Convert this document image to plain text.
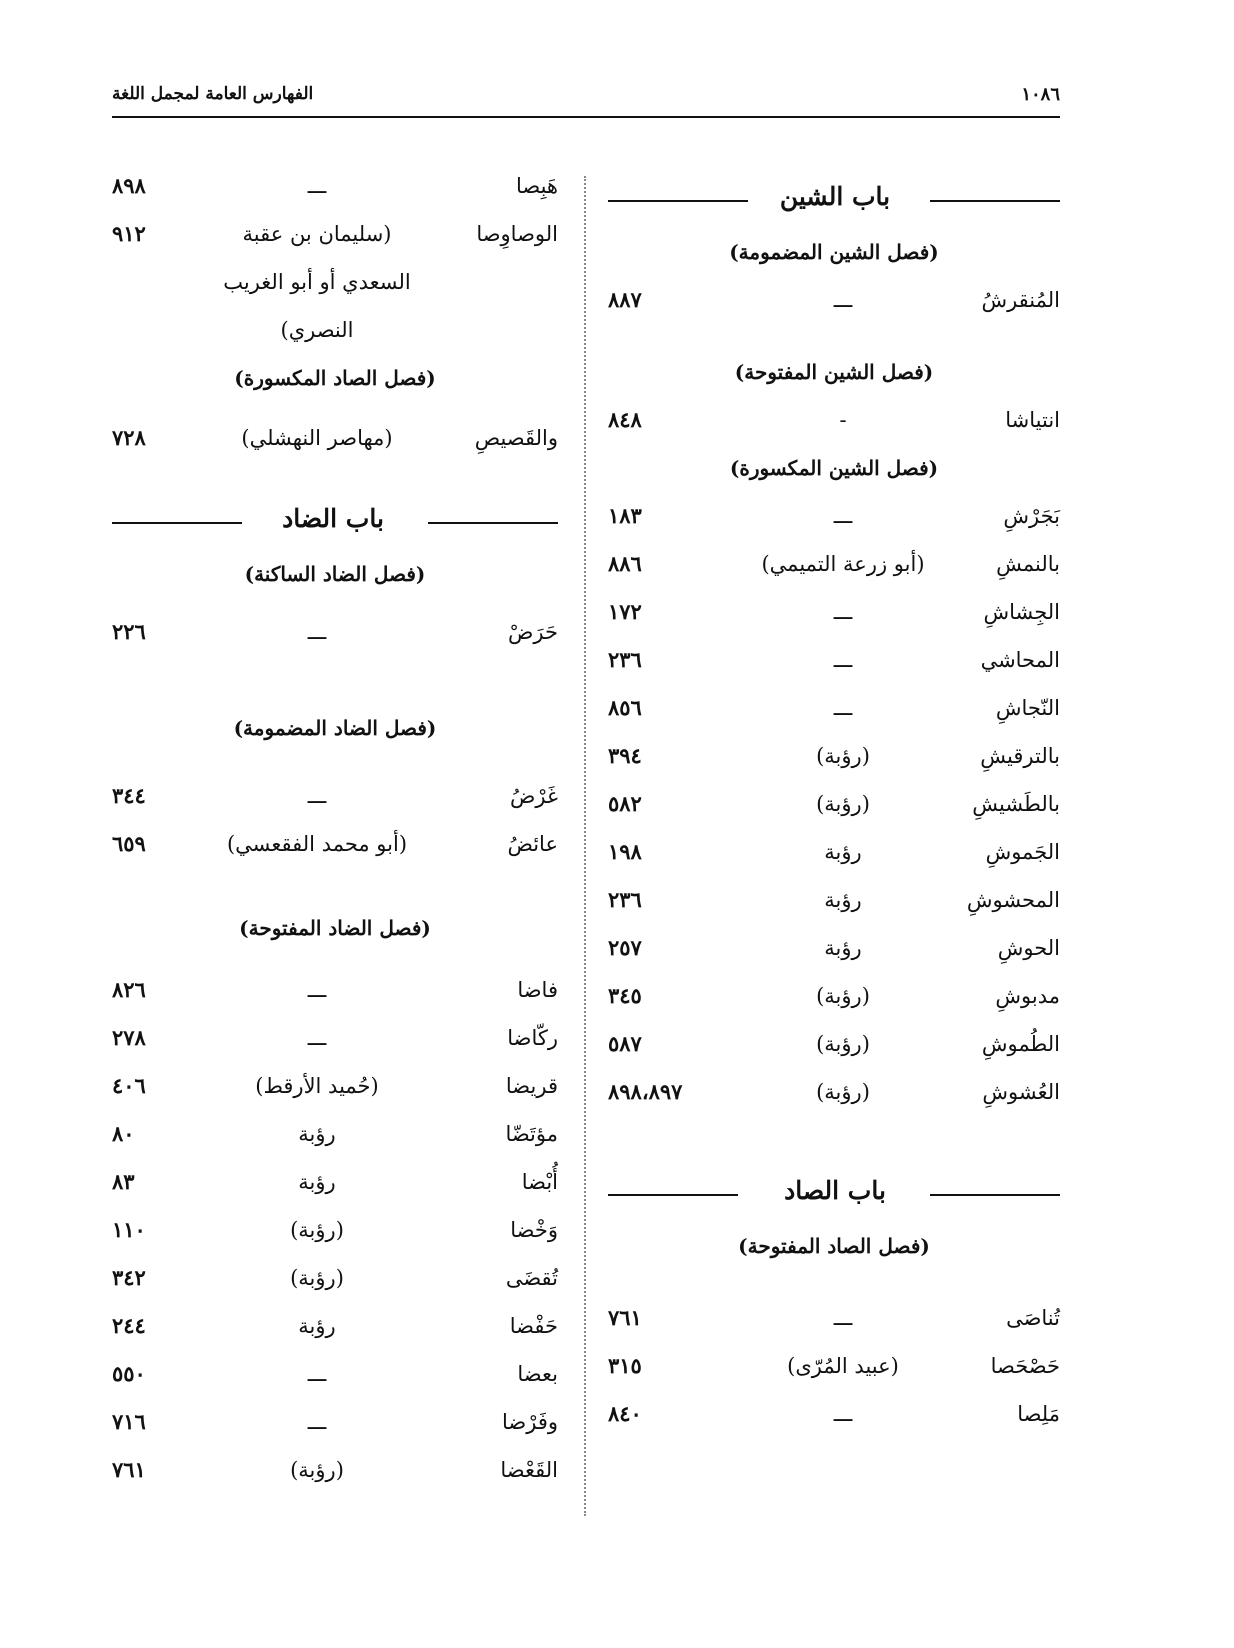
الفهارس العامة لمجمل اللغة	١٠٨٦
باب الشين
(فصل الشين المضمومة)
المُنقرشُ
ـــ
٨٨٧
(فصل الشين المفتوحة)
انتياشا
-
٨٤٨
(فصل الشين المكسورة)
بَجَرْشِ
ـــ
١٨٣
بالنمشِ
(أبو زرعة التميمي)
٨٨٦
الجِشاشِ
ـــ
١٧٢
المحاشي
ـــ
٢٣٦
النّجاشِ
ـــ
٨٥٦
بالترقيشِ
(رؤبة)
٣٩٤
بالطَشيشِ
(رؤبة)
٥٨٢
الجَموشِ
رؤبة
١٩٨
المحشوشِ
رؤبة
٢٣٦
الحوشِ
رؤبة
٢٥٧
مدبوشِ
(رؤبة)
٣٤٥
الطُموشِ
(رؤبة)
٥٨٧
العُشوشِ
(رؤبة)
٨٩٨،٨٩٧
باب الصاد
(فصل الصاد المفتوحة)
تُناصَى
ـــ
٧٦١
حَصْحَصا
(عبيد المُرّى)
٣١٥
مَلِصا
ـــ
٨٤٠
هَبِصا
ـــ
٨٩٨
الوصاوِصا
(سليمان بن عقبة
٩١٢
السعدي أو أبو الغريب
النصري)
(فصل الصاد المكسورة)
والقَصيصِ
(مهاصر النهشلي)
٧٢٨
باب الضاد
(فصل الضاد الساكنة)
حَرَضْ
ـــ
٢٢٦
(فصل الضاد المضمومة)
غَرْضُ
ـــ
٣٤٤
عائضُ
(أبو محمد الفقعسي)
٦٥٩
(فصل الضاد المفتوحة)
فاضا
ـــ
٨٢٦
ركّاضا
ـــ
٢٧٨
قريضا
(حُميد الأرقط)
٤٠٦
مؤتَضّا
رؤبة
٨٠
أُبْضا
رؤبة
٨٣
وَخْضا
(رؤبة)
١١٠
تُقضَى
(رؤبة)
٣٤٢
حَفْضا
رؤبة
٢٤٤
بعضا
ـــ
٥٥٠
وفَرْضا
ـــ
٧١٦
القَعْضا
(رؤبة)
٧٦١
